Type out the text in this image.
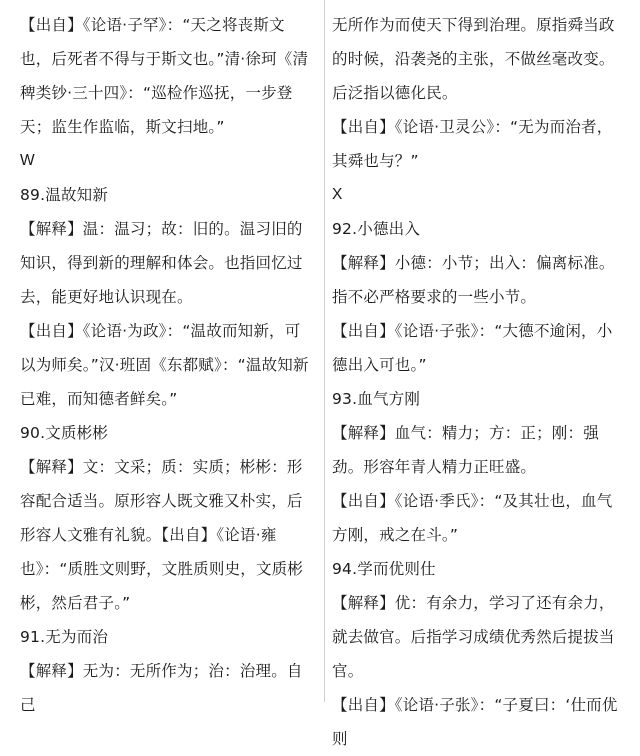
【出自】《论语·子罕》：“天之将丧斯文也，后死者不得与于斯文也。”清·徐珂《清稗类钞·三十四》：“巡检作巡抚，一步登天；监生作监临，斯文扫地。”

W

89.温故知新

【解释】温：温习；故：旧的。温习旧的知识，得到新的理解和体会。也指回忆过去，能更好地认识现在。

【出自】《论语·为政》：“温故而知新，可以为师矣。”汉·班固《东都赋》：“温故知新已难，而知德者鲜矣。”

90.文质彬彬

【解释】文：文采；质：实质；彬彬：形容配合适当。原形容人既文雅又朴实，后形容人文雅有礼貌。【出自】《论语·雍也》：“质胜文则野，文胜质则史，文质彬彬，然后君子。”

91.无为而治

【解释】无为：无所作为；治：治理。自己

无所作为而使天下得到治理。原指舜当政的时候，沿袭尧的主张，不做丝毫改变。后泛指以德化民。

【出自】《论语·卫灵公》：“无为而治者，其舜也与？”

X

92.小德出入

【解释】小德：小节；出入：偏离标准。指不必严格要求的一些小节。

【出自】《论语·子张》：“大德不逾闲，小德出入可也。”

93.血气方刚

【解释】血气：精力；方：正；刚：强劲。形容年青人精力正旺盛。

【出自】《论语·季氏》：“及其壮也，血气方刚，戒之在斗。”

94.学而优则仕

【解释】优：有余力，学习了还有余力，就去做官。后指学习成绩优秀然后提拔当官。

【出自】《论语·子张》：“子夏曰：‘仕而优则
